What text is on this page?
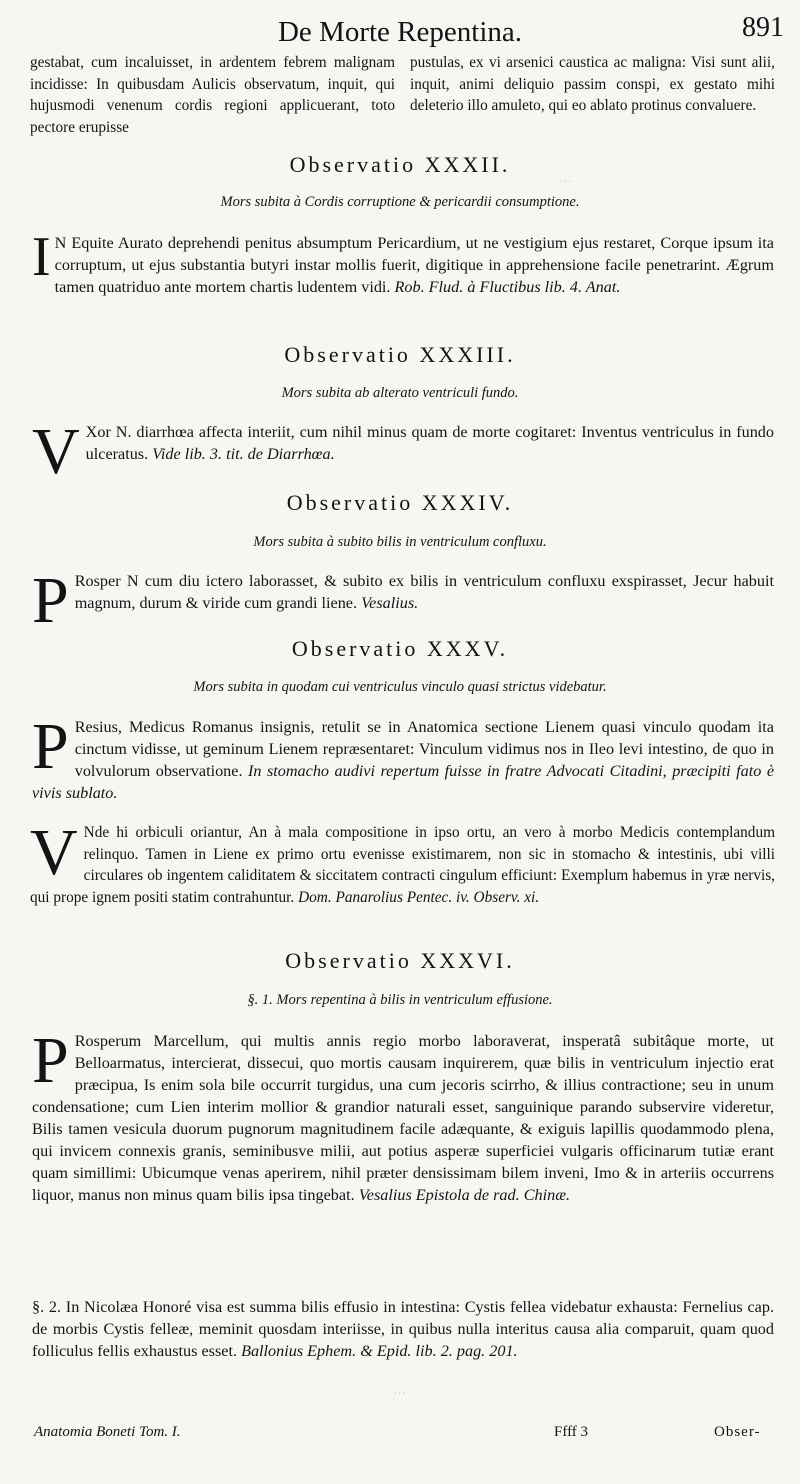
De Morte Repentina.	891
…

gestabat, cum incaluisset, in ardentem febrem malignam incidisse: In quibusdam Aulicis observatum, inquit, qui hujusmodi venenum cordis regioni applicuerant, toto pectore erupisse

pustulas, ex vi arsenici caustica ac maligna: Visi sunt alii, inquit, animi deliquio passim conspi, ex gestato mihi deleterio illo amuleto, qui eo ablato protinus convaluere.

Observatio XXXII.
Mors subita à Cordis corruptione & pericardii consumptione.
I N Equite Aurato deprehendi penitus absumptum Pericardium, ut ne vestigium ejus restaret, Corque ipsum ita corruptum, ut ejus substantia butyri instar mollis fuerit, digitique in apprehensione facile penetrarint. Ægrum tamen quatriduo ante mortem chartis ludentem vidi. Rob. Flud. à Fluctibus lib. 4. Anat.
Observatio XXXIII.
Mors subita ab alterato ventriculi fundo.
V Xor N. diarrhœa affecta interiit, cum nihil minus quam de morte cogitaret: Inventus ventriculus in fundo ulceratus. Vide lib. 3. tit. de Diarrhœa.
Observatio XXXIV.
Mors subita à subito bilis in ventriculum confluxu.
P Rosper N cum diu ictero laborasset, & subito ex bilis in ventriculum confluxu exspirasset, Jecur habuit magnum, durum & viride cum grandi liene. Vesalius.
Observatio XXXV.
Mors subita in quodam cui ventriculus vinculo quasi strictus videbatur.
P Resius, Medicus Romanus insignis, retulit se in Anatomica sectione Lienem quasi vinculo quodam ita cinctum vidisse, ut geminum Lienem repræsentaret: Vinculum vidimus nos in Ileo levi intestino, de quo in volvulorum observatione. In stomacho audivi repertum fuisse in fratre Advocati Citadini, præcipiti fato è vivis sublato.

V Nde hi orbiculi oriantur, An à mala compositione in ipso ortu, an vero à morbo Medicis contemplandum relinquo. Tamen in Liene ex primo ortu evenisse existimarem, non sic in stomacho & intestinis, ubi villi circulares ob ingentem caliditatem & siccitatem contracti cingulum efficiunt: Exemplum habemus in yræ nervis, qui prope ignem positi statim contrahuntur. Dom. Panarolius Pentec. iv. Observ. xi.

Observatio XXXVI.
§. 1. Mors repentina à bilis in ventriculum effusione.
P Rosperum Marcellum, qui multis annis regio morbo laboraverat, insperatâ subitâque morte, ut Belloarmatus, intercierat, dissecui, quo mortis causam inquirerem, quæ bilis in ventriculum injectio erat præcipua, Is enim sola bile occurrit turgidus, una cum jecoris scirrho, & illius contractione; seu in unum condensatione; cum Lien interim mollior & grandior naturali esset, sanguinique parando subservire videretur, Bilis tamen vesicula duorum pugnorum magnitudinem facile adæquante, & exiguis lapillis quodammodo plena, qui invicem connexis granis, seminibusve milii, aut potius asperæ superficiei vulgaris officinarum tutiæ erant quam simillimi: Ubicumque venas aperirem, nihil præter densissimam bilem inveni, Imo & in arteriis occurrens liquor, manus non minus quam bilis ipsa tingebat. Vesalius Epistola de rad. Chinæ.
§. 2. In Nicolæa Honoré visa est summa bilis effusio in intestina: Cystis fellea videbatur exhausta: Fernelius cap. de morbis Cystis felleæ, meminit quosdam interiisse, in quibus nulla interitus causa alia comparuit, quam quod folliculus fellis exhaustus esset. Ballonius Ephem. & Epid. lib. 2. pag. 201.
…
Anatomia Boneti Tom. I.	Ffff 3	Obser-
